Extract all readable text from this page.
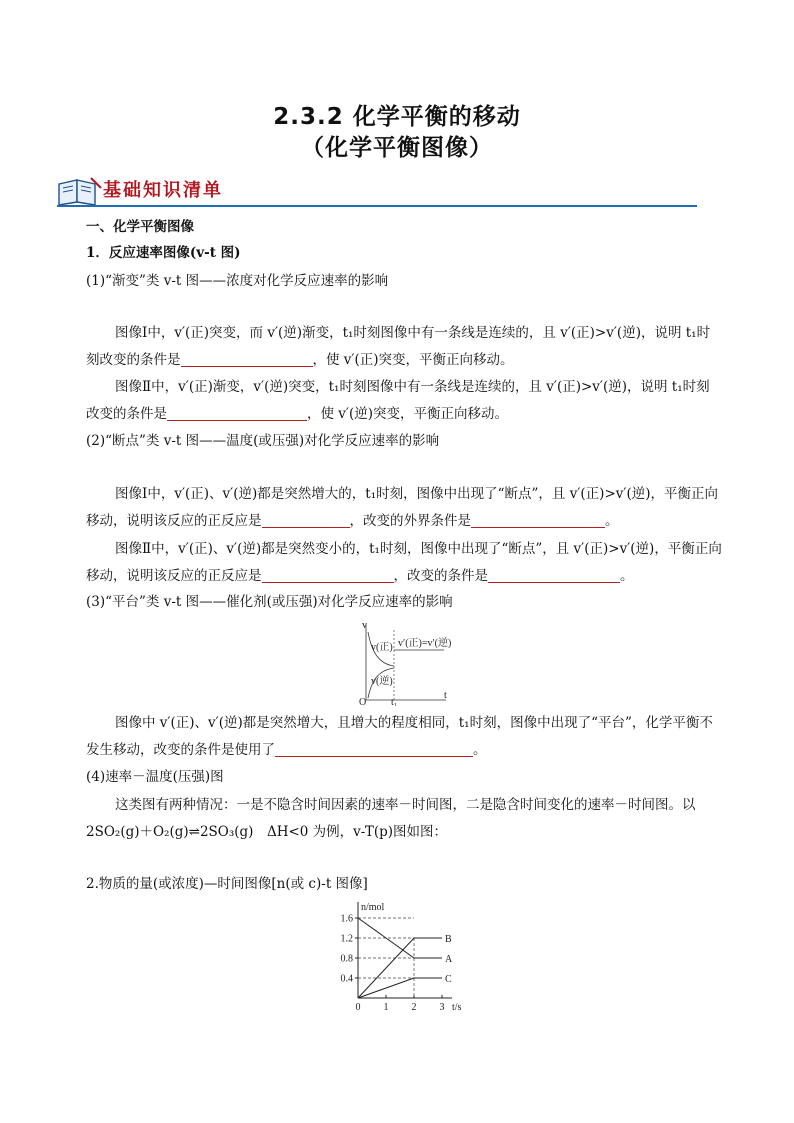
2.3.2 化学平衡的移动
（化学平衡图像）
基础知识清单
一、化学平衡图像
1．反应速率图像(v-t 图)
(1)“渐变”类 v-t 图——浓度对化学反应速率的影响
图像Ⅰ中，v′(正)突变，而 v′(逆)渐变，t₁时刻图像中有一条线是连续的，且 v′(正)>v′(逆)，说明 t₁时
刻改变的条件是	，使 v′(正)突变，平衡正向移动。
图像Ⅱ中，v′(正)渐变，v′(逆)突变，t₁时刻图像中有一条线是连续的，且 v′(正)>v′(逆)，说明 t₁时刻
改变的条件是	，使 v′(逆)突变，平衡正向移动。
(2)“断点”类 v-t 图——温度(或压强)对化学反应速率的影响
图像Ⅰ中，v′(正)、v′(逆)都是突然增大的，t₁时刻，图像中出现了“断点”，且 v′(正)>v′(逆)，平衡正向
移动，说明该反应的正反应是	，改变的外界条件是	。
图像Ⅱ中，v′(正)、v′(逆)都是突然变小的，t₁时刻，图像中出现了“断点”，且 v′(正)>v′(逆)，平衡正向
移动，说明该反应的正反应是	，改变的条件是	。
(3)“平台”类 v-t 图——催化剂(或压强)对化学反应速率的影响
v
t
O t₁
v(正)
v(逆)
v′(正)=v′(逆)
图像中 v′(正)、v′(逆)都是突然增大，且增大的程度相同，t₁时刻，图像中出现了“平台”，化学平衡不
发生移动，改变的条件是使用了	。
(4)速率－温度(压强)图
这类图有两种情况：一是不隐含时间因素的速率－时间图，二是隐含时间变化的速率－时间图。以
2SO₂(g)＋O₂(g)⇌2SO₃(g)　ΔH<0 为例，v-T(p)图如图：
2.物质的量(或浓度)—时间图像[n(或 c)-t 图像]
n/mol
t/s
0.4
0.8
1.2
1.6
0 1 2 3
A
B
C
